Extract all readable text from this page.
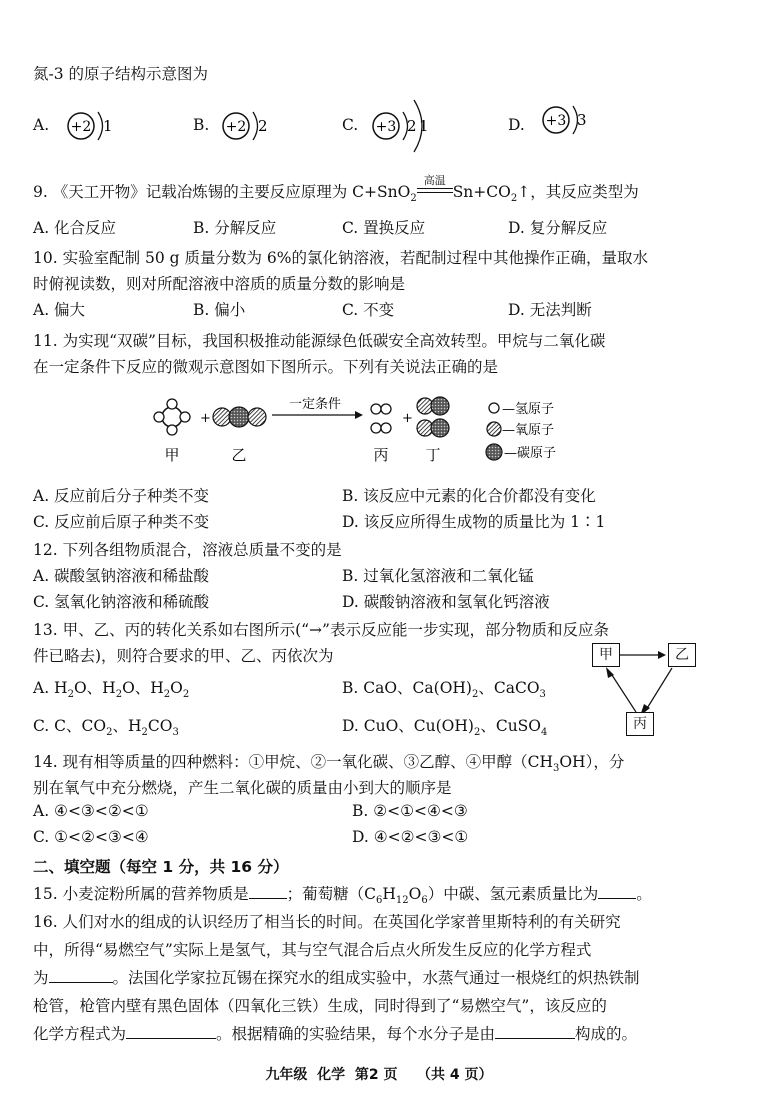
氮-3 的原子结构示意图为
A. +2 1	B. +2 2	C. +3 2 1	D. +3 3
9. 《天工开物》记载冶炼锡的主要反应原理为 C+SnO$_2$
高温
$Sn+CO_2↑$，其反应类型为
A. 化合反应	B. 分解反应	C. 置换反应	D. 复分解反应
10. 实验室配制 50 g 质量分数为 6%的氯化钠溶液，若配制过程中其他操作正确，量取水
时俯视读数，则对所配溶液中溶质的质量分数的影响是
A. 偏大	B. 偏小	C. 不变	D. 无法判断
11. 为实现“双碳”目标，我国积极推动能源绿色低碳安全高效转型。甲烷与二氧化碳
在一定条件下反应的微观示意图如下图所示。下列有关说法正确的是
+
一定条件
+
甲	乙	丙 丁
—氢原子
—氧原子
—碳原子
A. 反应前后分子种类不变	B. 该反应中元素的化合价都没有变化
C. 反应前后原子种类不变	D. 该反应所得生成物的质量比为 1∶1
12. 下列各组物质混合，溶液总质量不变的是
A. 碳酸氢钠溶液和稀盐酸	B. 过氧化氢溶液和二氧化锰
C. 氢氧化钠溶液和稀硫酸	D. 碳酸钠溶液和氢氧化钙溶液
13. 甲、乙、丙的转化关系如右图所示(“→”表示反应能一步实现，部分物质和反应条
件已略去)，则符合要求的甲、乙、丙依次为
A. $H_2O$、$H_2O$、$H_2O_2$	B. CaO、$Ca(OH)_2$、CaCO$_3$
C. C、$CO_2$、$H_2CO_3$	D. CuO、$Cu(OH)_2$、CuSO$_4$
甲	乙
丙
14. 现有相等质量的四种燃料：①甲烷、②一氧化碳、③乙醇、④甲醇$(CH_3OH)$，分
别在氧气中充分燃烧，产生二氧化碳的质量由小到大的顺序是
A. ④<③<②<①	B. ②<①<④<③
C. ①<②<③<④	D. ④<②<③<①
二、填空题（每空 1 分，共 16 分）
15. 小麦淀粉所属的营养物质是 ；葡萄糖$(C_6H_{12}O_6)$中碳、氢元素质量比为 。
16. 人们对水的组成的认识经历了相当长的时间。在英国化学家普里斯特利的有关研究
中，所得“易燃空气”实际上是氢气，其与空气混合后点火所发生反应的化学方程式
为	。法国化学家拉瓦锡在探究水的组成实验中，水蒸气通过一根烧红的炽热铁制
枪管，枪管内壁有黑色固体（四氧化三铁）生成，同时得到了“易燃空气”，该反应的
化学方程式为	。根据精确的实验结果，每个水分子是由	构成的。
九年级  化学  第2 页    （共 4 页）
